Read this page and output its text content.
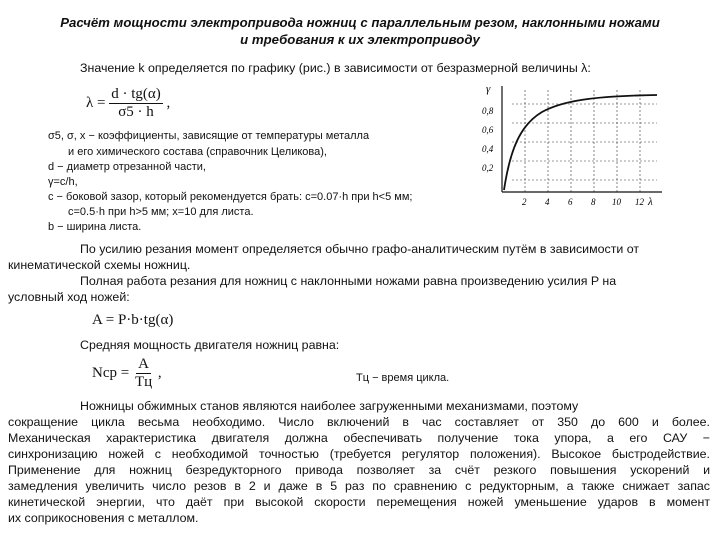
Расчёт мощности электропривода ножниц с параллельным резом, наклонными ножами
и требования к их электроприводу
Значение k определяется по графику (рис.) в зависимости от безразмерной величины λ:
$\lambda = \frac{d \cdot tg(\alpha)}{\sigma 5 \cdot h}$ ,
σ5, σ, x − коэффициенты, зависящие от температуры металла
и его химического состава (справочник Целикова),
d − диаметр отрезанной части,
γ=c/h,
c − боковой зазор, который рекомендуется брать: c=0.07·h при h<5 мм;
c=0.5·h при h>5 мм; x=10 для листа.
b − ширина листа.
γ
λ
0,8
0,6
0,4
0,2
2 4 6 8 10 12
По усилию резания момент определяется обычно графо-аналитическим путём в зависимости от
кинематической схемы ножниц.
Полная работа резания для ножниц с наклонными ножами равна произведению усилия P на
условный ход ножей:
A = P·b·tg(α)
Средняя мощность двигателя ножниц равна:
Nср = $\frac{A}{Tц}$ ,	Tц − время цикла.
Ножницы обжимных станов являются наиболее загруженными механизмами, поэтому
сокращение цикла весьма необходимо. Число включений в час составляет от 350 до 600 и более.
Механическая характеристика двигателя должна обеспечивать получение тока упора, а его САУ −
синхронизацию ножей с необходимой точностью (требуется регулятор положения). Высокое быстродействие.
Применение для ножниц безредукторного привода позволяет за счёт резкого повышения ускорений и
замедления увеличить число резов в 2 и даже в 5 раз по сравнению с редукторным, а также снижает запас
кинетической энергии, что даёт при высокой скорости перемещения ножей уменьшение ударов в момент
их соприкосновения с металлом.
